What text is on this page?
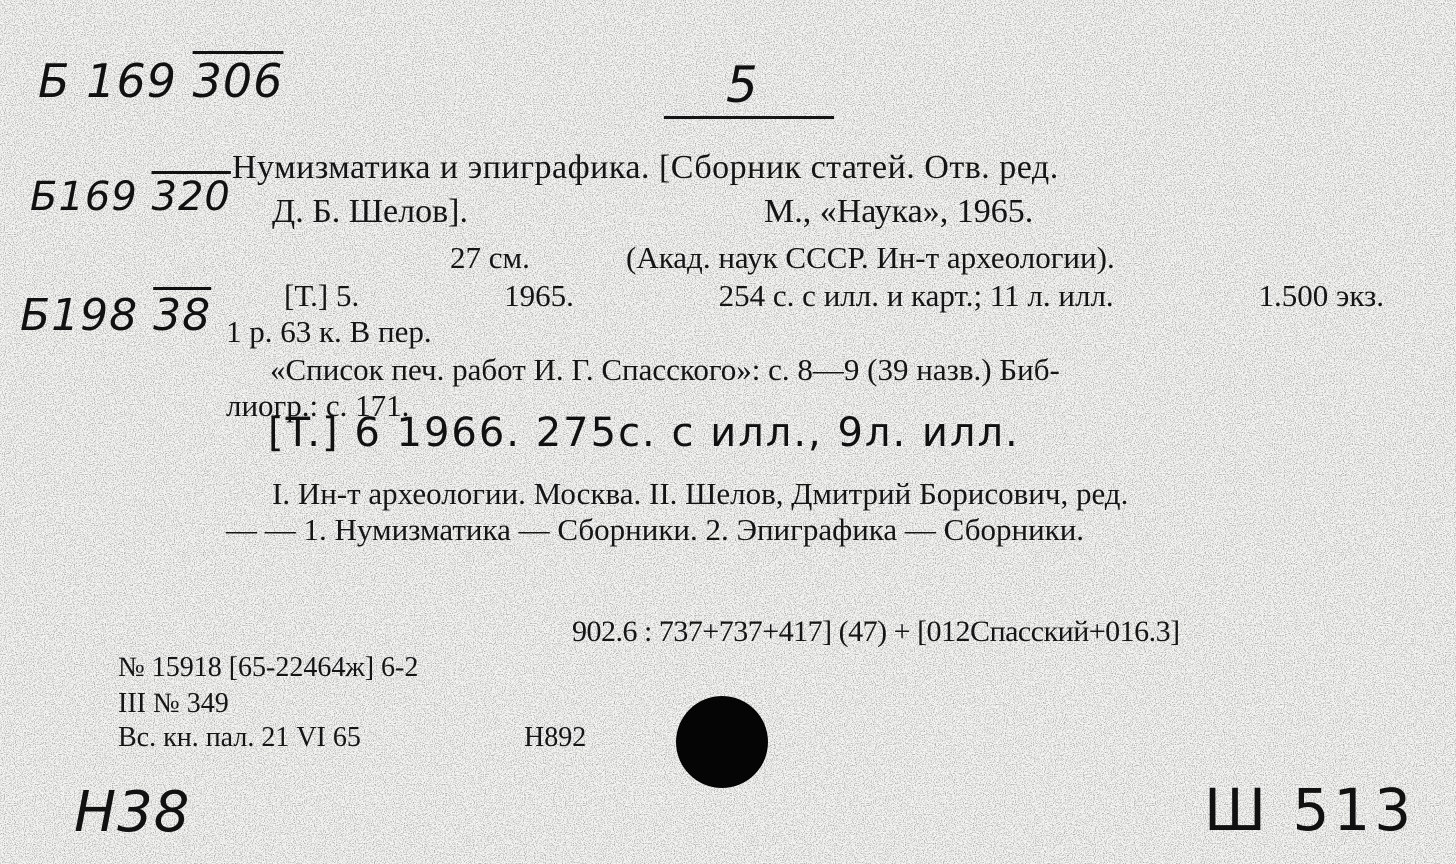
Б 169 306

Б169 320

Б198 38

5

Нумизматика и эпиграфика. [Сборник статей. Отв. ред.

Д. Б. Шелов].	М., «Наука», 1965.

27 см.	(Акад. наук СССР. Ин-т археологии).

[Т.] 5.	1965.	254 с. с илл. и карт.; 11 л. илл.	1.500 экз.

1 р. 63 к. В пер.

«Список печ. работ И. Г. Спасского»: с. 8—9 (39 назв.) Биб-

лиогр.: с. 171.

[T.] 6 1966. 275с. с илл., 9л. илл.

I. Ин-т археологии. Москва. II. Шелов, Дмитрий Борисович, ред.

— — 1. Нумизматика — Сборники. 2. Эпиграфика — Сборники.

902.6 : 737+737+417] (47) + [012Спасский+016.3]

№ 15918 [65-22464ж] 6-2

III № 349

Вс. кн. пал. 21 VI 65	H892

Н38	Ш 513
